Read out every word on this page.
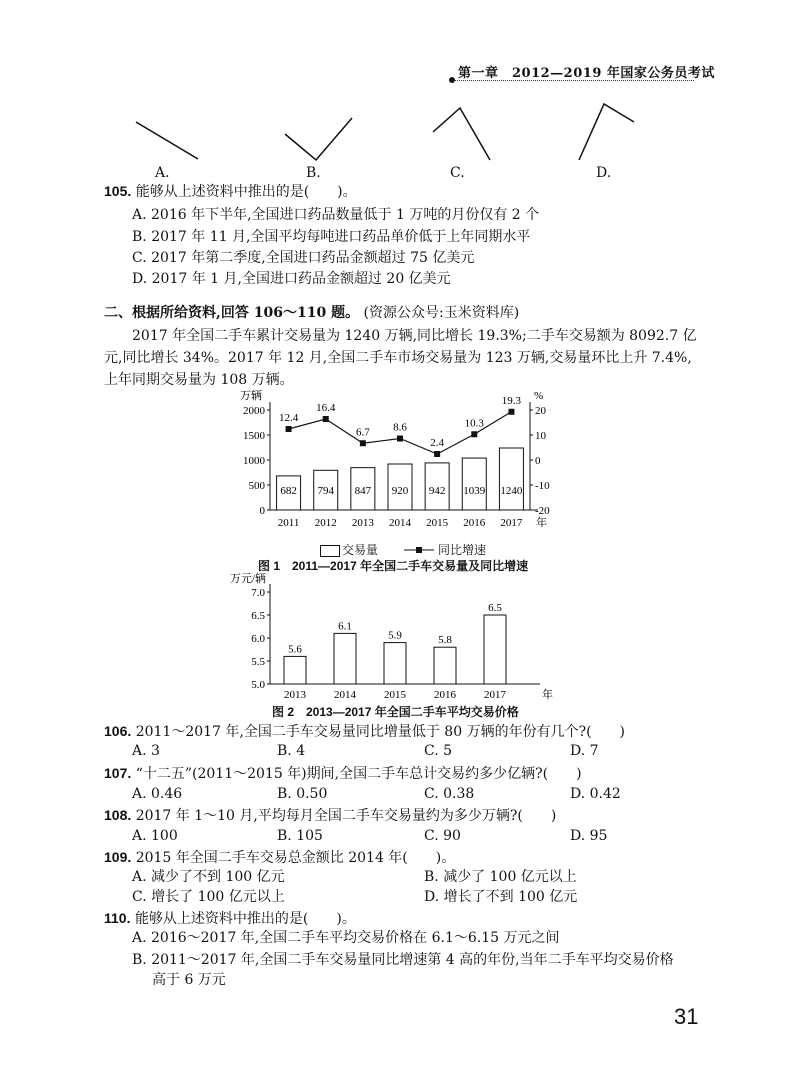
第一章　2012—2019 年国家公务员考试
A.	B.	C.	D.
105. 能够从上述资料中推出的是(　　)。
A. 2016 年下半年,全国进口药品数量低于 1 万吨的月份仅有 2 个
B. 2017 年 11 月,全国平均每吨进口药品单价低于上年同期水平
C. 2017 年第二季度,全国进口药品金额超过 75 亿美元
D. 2017 年 1 月,全国进口药品金额超过 20 亿美元
二、根据所给资料,回答 106～110 题。 (资源公众号:玉米资料库)
2017 年全国二手车累计交易量为 1240 万辆,同比增长 19.3%;二手车交易额为 8092.7 亿
元,同比增长 34%。2017 年 12 月,全国二手车市场交易量为 123 万辆,交易量环比上升 7.4%,
上年同期交易量为 108 万辆。
万辆	%
0
500
1000
1500
2000
-20
-10
0
10
20
682
2011
12.4
794
2012
16.4
847
2013
6.7
920
2014
8.6
942
2015
2.4
1039
2016
10.3
1240
2017
19.3
年
交易量	同比增速
图 1　2011—2017 年全国二手车交易量及同比增速
万元/辆
5.0
5.5
6.0
6.5
7.0
5.6
2013
6.1
2014
5.9
2015
5.8
2016
6.5
2017	年
图 2　2013—2017 年全国二手车平均交易价格
106. 2011～2017 年,全国二手车交易量同比增量低于 80 万辆的年份有几个?(　　)
A. 3	B. 4	C. 5	D. 7
107. “十二五”(2011～2015 年)期间,全国二手车总计交易约多少亿辆?(　　)
A. 0.46	B. 0.50	C. 0.38	D. 0.42
108. 2017 年 1～10 月,平均每月全国二手车交易量约为多少万辆?(　　)
A. 100	B. 105	C. 90	D. 95
109. 2015 年全国二手车交易总金额比 2014 年(　　)。
A. 减少了不到 100 亿元	B. 减少了 100 亿元以上
C. 增长了 100 亿元以上	D. 增长了不到 100 亿元
110. 能够从上述资料中推出的是(　　)。
A. 2016～2017 年,全国二手车平均交易价格在 6.1～6.15 万元之间
B. 2011～2017 年,全国二手车交易量同比增速第 4 高的年份,当年二手车平均交易价格
高于 6 万元
31
